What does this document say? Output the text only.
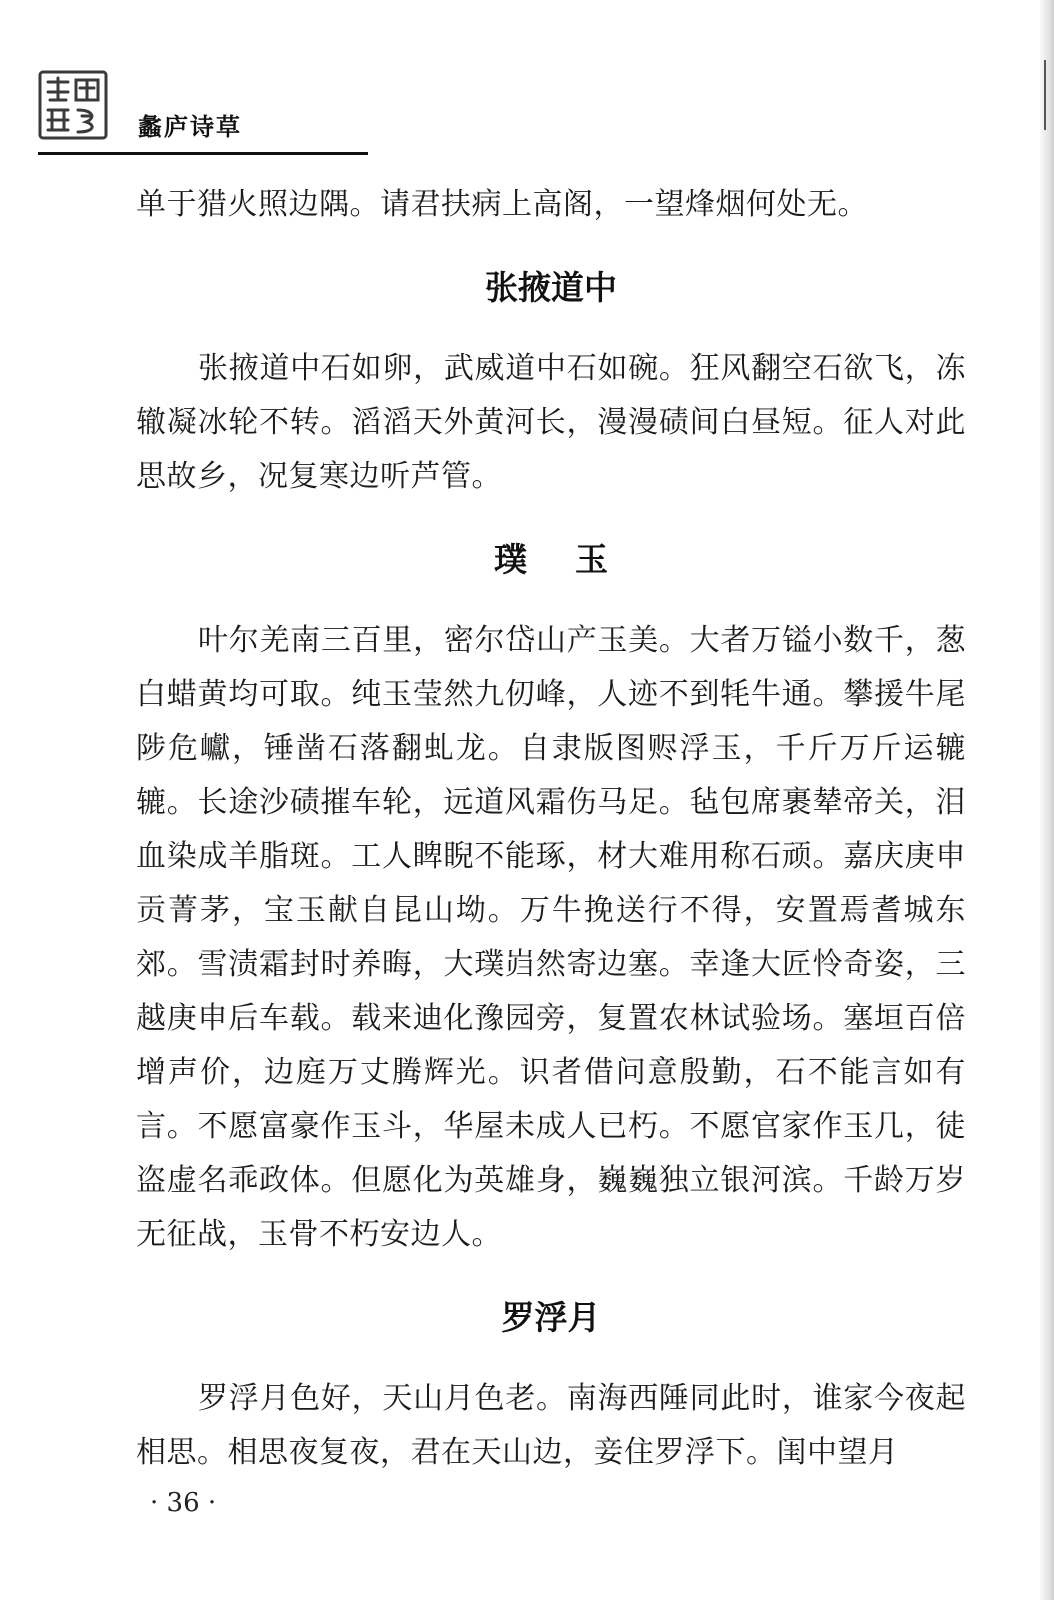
蠡庐诗草

单于猎火照边隅。请君扶病上高阁，一望烽烟何处无。

张掖道中

张掖道中石如卵，武威道中石如碗。狂风翻空石欲飞，冻辙凝冰轮不转。滔滔天外黄河长，漫漫碛间白昼短。征人对此思故乡，况复寒边听芦管。

璞玉

叶尔羌南三百里，密尔岱山产玉美。大者万镒小数千，葱白蜡黄均可取。纯玉莹然九仞峰，人迹不到牦牛通。攀援牛尾陟危巘，锤凿石落翻虬龙。自隶版图赆浮玉，千斤万斤运辘辘。长途沙碛摧车轮，远道风霜伤马足。毡包席裹辇帝关，泪血染成羊脂斑。工人睥睨不能琢，材大难用称石顽。嘉庆庚申贡菁茅，宝玉献自昆山坳。万牛挽送行不得，安置焉耆城东郊。雪渍霜封时养晦，大璞岿然寄边塞。幸逢大匠怜奇姿，三越庚申后车载。载来迪化豫园旁，复置农林试验场。塞垣百倍增声价，边庭万丈腾辉光。识者借问意殷勤，石不能言如有言。不愿富豪作玉斗，华屋未成人已朽。不愿官家作玉几，徒盗虚名乖政体。但愿化为英雄身，巍巍独立银河滨。千龄万岁无征战，玉骨不朽安边人。

罗浮月

罗浮月色好，天山月色老。南海西陲同此时，谁家今夜起相思。相思夜复夜，君在天山边，妾住罗浮下。闺中望月

· 36 ·
